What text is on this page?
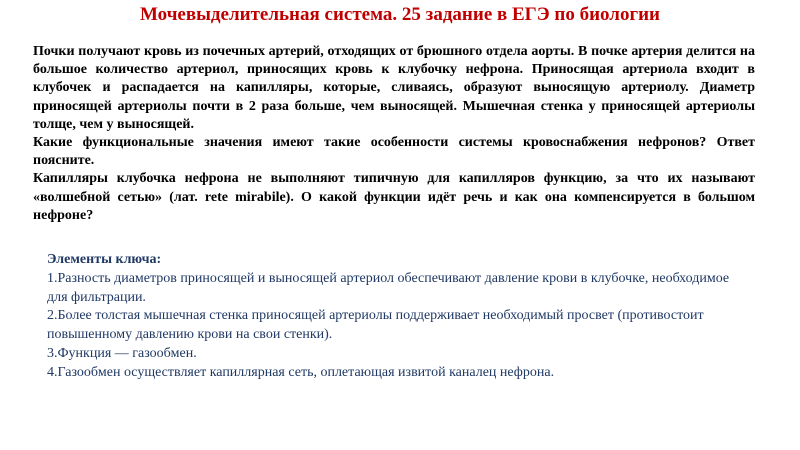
Мочевыделительная система. 25 задание в ЕГЭ по биологии

Почки получают кровь из почечных артерий, отходящих от брюшного отдела аорты. В почке артерия делится на большое количество артериол, приносящих кровь к клубочку нефрона. Приносящая артериола входит в клубочек и распадается на капилляры, которые, сливаясь, образуют выносящую артериолу. Диаметр приносящей артериолы почти в 2 раза больше, чем выносящей. Мышечная стенка у приносящей артериолы толще, чем у выносящей.

Какие функциональные значения имеют такие особенности системы кровоснабжения нефронов? Ответ поясните.

Капилляры клубочка нефрона не выполняют типичную для капилляров функцию, за что их называют «волшебной сетью» (лат. rete mirabile). О какой функции идёт речь и как она компенсируется в большом нефроне?

Элементы ключа:

1.Разность диаметров приносящей и выносящей артериол обеспечивают давление крови в клубочке, необходимое для фильтрации.

2.Более толстая мышечная стенка приносящей артериолы поддерживает необходимый просвет (противостоит повышенному давлению крови на свои стенки).

3.Функция — газообмен.

4.Газообмен осуществляет капиллярная сеть, оплетающая извитой каналец нефрона.
